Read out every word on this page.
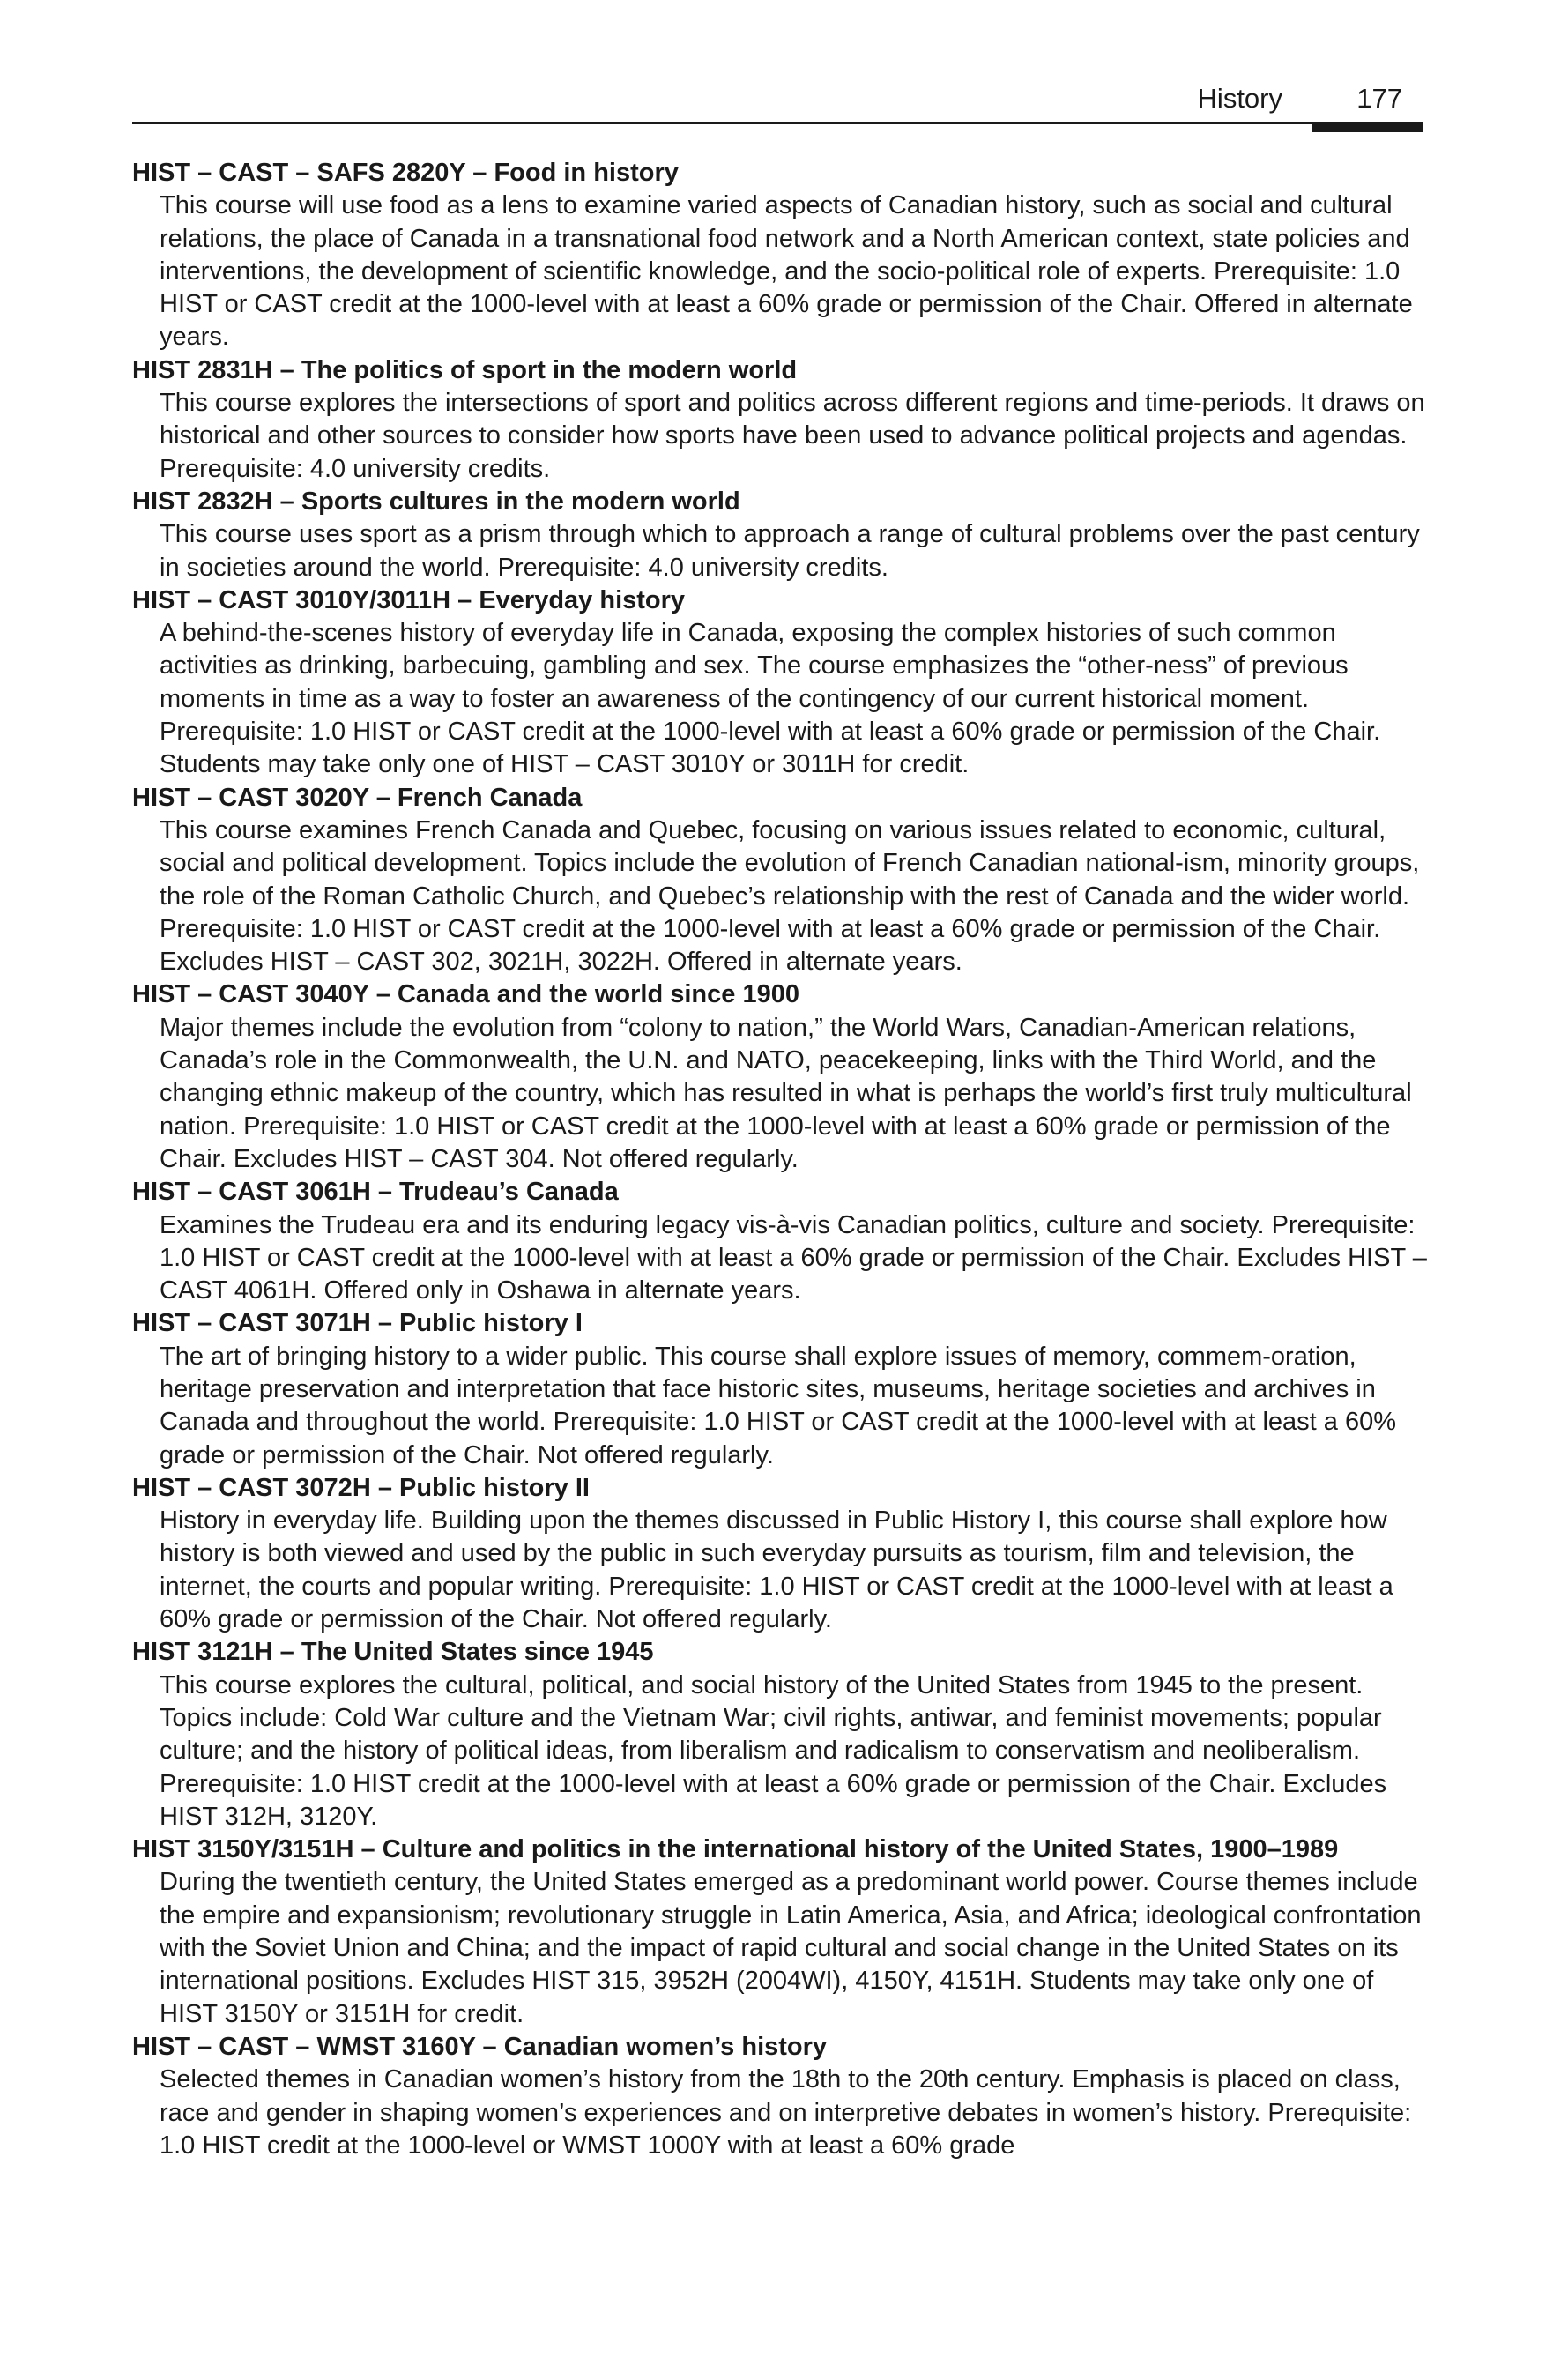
History	177
HIST – CAST – SAFS 2820Y – Food in history
This course will use food as a lens to examine varied aspects of Canadian history, such as social and cultural relations, the place of Canada in a transnational food network and a North American context, state policies and interventions, the development of scientific knowledge, and the socio-political role of experts. Prerequisite: 1.0 HIST or CAST credit at the 1000-level with at least a 60% grade or permission of the Chair. Offered in alternate years.
HIST 2831H – The politics of sport in the modern world
This course explores the intersections of sport and politics across different regions and time-periods. It draws on historical and other sources to consider how sports have been used to advance political projects and agendas. Prerequisite: 4.0 university credits.
HIST 2832H – Sports cultures in the modern world
This course uses sport as a prism through which to approach a range of cultural problems over the past century in societies around the world. Prerequisite: 4.0 university credits.
HIST – CAST 3010Y/3011H – Everyday history
A behind-the-scenes history of everyday life in Canada, exposing the complex histories of such common activities as drinking, barbecuing, gambling and sex. The course emphasizes the “other-ness” of previous moments in time as a way to foster an awareness of the contingency of our current historical moment. Prerequisite: 1.0 HIST or CAST credit at the 1000-level with at least a 60% grade or permission of the Chair. Students may take only one of HIST – CAST 3010Y or 3011H for credit.
HIST – CAST 3020Y – French Canada
This course examines French Canada and Quebec, focusing on various issues related to economic, cultural, social and political development. Topics include the evolution of French Canadian national-ism, minority groups, the role of the Roman Catholic Church, and Quebec’s relationship with the rest of Canada and the wider world. Prerequisite: 1.0 HIST or CAST credit at the 1000-level with at least a 60% grade or permission of the Chair. Excludes HIST – CAST 302, 3021H, 3022H. Offered in alternate years.
HIST – CAST 3040Y – Canada and the world since 1900
Major themes include the evolution from “colony to nation,” the World Wars, Canadian-American relations, Canada’s role in the Commonwealth, the U.N. and NATO, peacekeeping, links with the Third World, and the changing ethnic makeup of the country, which has resulted in what is perhaps the world’s first truly multicultural nation. Prerequisite: 1.0 HIST or CAST credit at the 1000-level with at least a 60% grade or permission of the Chair. Excludes HIST – CAST 304. Not offered regularly.
HIST – CAST 3061H – Trudeau’s Canada
Examines the Trudeau era and its enduring legacy vis-à-vis Canadian politics, culture and society. Prerequisite: 1.0 HIST or CAST credit at the 1000-level with at least a 60% grade or permission of the Chair. Excludes HIST – CAST 4061H. Offered only in Oshawa in alternate years.
HIST – CAST 3071H – Public history I
The art of bringing history to a wider public. This course shall explore issues of memory, commem-oration, heritage preservation and interpretation that face historic sites, museums, heritage societies and archives in Canada and throughout the world. Prerequisite: 1.0 HIST or CAST credit at the 1000-level with at least a 60% grade or permission of the Chair. Not offered regularly.
HIST – CAST 3072H – Public history II
History in everyday life. Building upon the themes discussed in Public History I, this course shall explore how history is both viewed and used by the public in such everyday pursuits as tourism, film and television, the internet, the courts and popular writing. Prerequisite: 1.0 HIST or CAST credit at the 1000-level with at least a 60% grade or permission of the Chair. Not offered regularly.
HIST 3121H – The United States since 1945
This course explores the cultural, political, and social history of the United States from 1945 to the present. Topics include: Cold War culture and the Vietnam War; civil rights, antiwar, and feminist movements; popular culture; and the history of political ideas, from liberalism and radicalism to conservatism and neoliberalism. Prerequisite: 1.0 HIST credit at the 1000-level with at least a 60% grade or permission of the Chair. Excludes HIST 312H, 3120Y.
HIST 3150Y/3151H – Culture and politics in the international history of the United States, 1900–1989
During the twentieth century, the United States emerged as a predominant world power. Course themes include the empire and expansionism; revolutionary struggle in Latin America, Asia, and Africa; ideological confrontation with the Soviet Union and China; and the impact of rapid cultural and social change in the United States on its international positions. Excludes HIST 315, 3952H (2004WI), 4150Y, 4151H. Students may take only one of HIST 3150Y or 3151H for credit.
HIST – CAST – WMST 3160Y – Canadian women’s history
Selected themes in Canadian women’s history from the 18th to the 20th century. Emphasis is placed on class, race and gender in shaping women’s experiences and on interpretive debates in women’s history. Prerequisite: 1.0 HIST credit at the 1000-level or WMST 1000Y with at least a 60% grade
